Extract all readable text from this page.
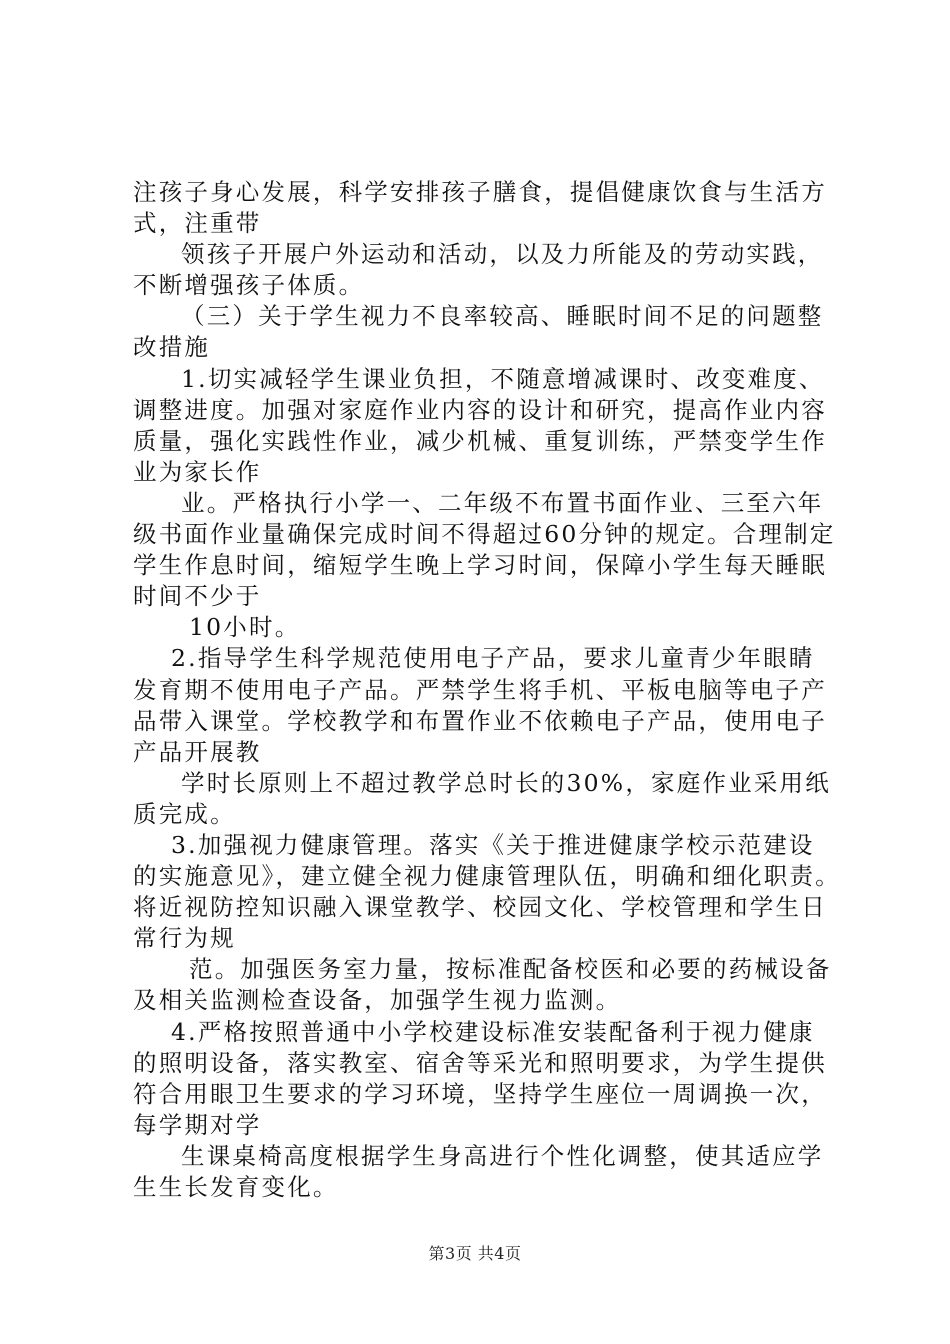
注孩子身心发展，科学安排孩子膳食，提倡健康饮食与生活方
式，注重带
领孩子开展户外运动和活动，以及力所能及的劳动实践，
不断增强孩子体质。
（三）关于学生视力不良率较高、睡眠时间不足的问题整
改措施
1.切实减轻学生课业负担，不随意增减课时、改变难度、
调整进度。加强对家庭作业内容的设计和研究，提高作业内容
质量，强化实践性作业，减少机械、重复训练，严禁变学生作
业为家长作
业。严格执行小学一、二年级不布置书面作业、三至六年
级书面作业量确保完成时间不得超过60分钟的规定。合理制定
学生作息时间，缩短学生晚上学习时间，保障小学生每天睡眠
时间不少于
10小时。
2.指导学生科学规范使用电子产品，要求儿童青少年眼睛
发育期不使用电子产品。严禁学生将手机、平板电脑等电子产
品带入课堂。学校教学和布置作业不依赖电子产品，使用电子
产品开展教
学时长原则上不超过教学总时长的30%，家庭作业采用纸
质完成。
3.加强视力健康管理。落实《关于推进健康学校示范建设
的实施意见》，建立健全视力健康管理队伍，明确和细化职责。
将近视防控知识融入课堂教学、校园文化、学校管理和学生日
常行为规
范。加强医务室力量，按标准配备校医和必要的药械设备
及相关监测检查设备，加强学生视力监测。
4.严格按照普通中小学校建设标准安装配备利于视力健康
的照明设备，落实教室、宿舍等采光和照明要求，为学生提供
符合用眼卫生要求的学习环境，坚持学生座位一周调换一次，
每学期对学
生课桌椅高度根据学生身高进行个性化调整，使其适应学
生生长发育变化。
第3页 共4页
